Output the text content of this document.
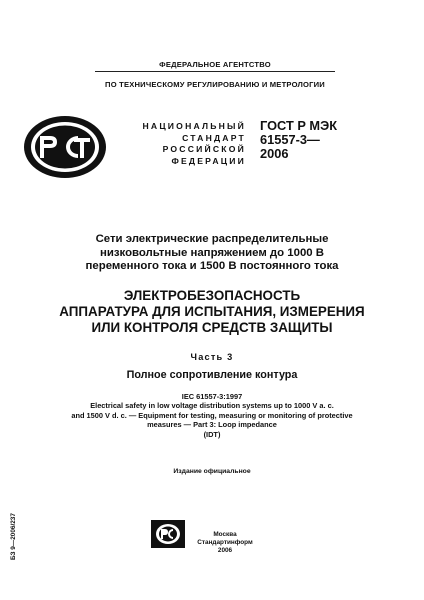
ФЕДЕРАЛЬНОЕ АГЕНТСТВО
ПО ТЕХНИЧЕСКОМУ РЕГУЛИРОВАНИЮ И МЕТРОЛОГИИ
НАЦИОНАЛЬНЫЙ
СТАНДАРТ
РОССИЙСКОЙ
ФЕДЕРАЦИИ
ГОСТ Р МЭК
61557-3—
2006
Сети электрические распределительные
низковольтные напряжением до 1000 В
переменного тока и 1500 В постоянного тока
ЭЛЕКТРОБЕЗОПАСНОСТЬ
АППАРАТУРА ДЛЯ ИСПЫТАНИЯ, ИЗМЕРЕНИЯ
ИЛИ КОНТРОЛЯ СРЕДСТВ ЗАЩИТЫ
Часть 3
Полное сопротивление контура
IEC 61557-3:1997
Electrical safety in low voltage distribution systems up to 1000 V a. c.
and 1500 V d. c. — Equipment for testing, measuring or monitoring of protective
measures — Part 3: Loop impedance
(IDT)
Издание официальное
БЗ 9—2006/237	Москва
Стандартинформ
2006
